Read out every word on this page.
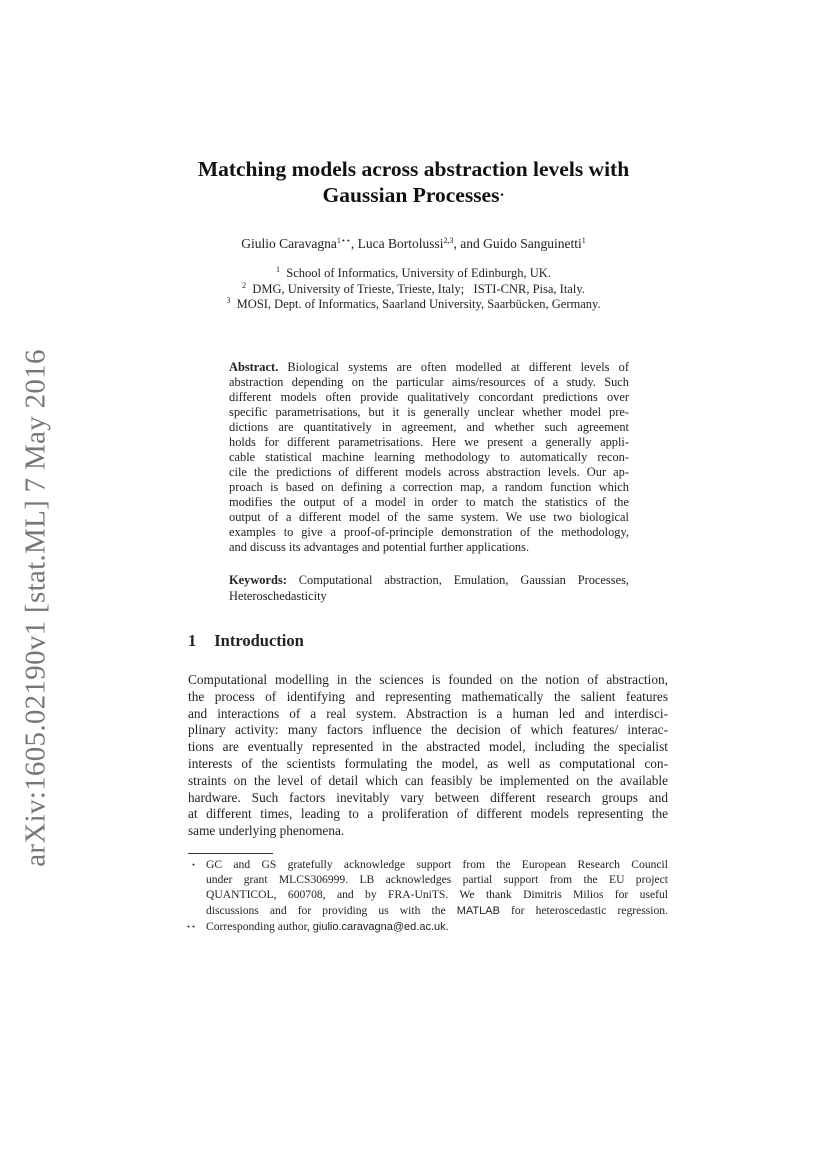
arXiv:1605.02190v1 [stat.ML] 7 May 2016
Matching models across abstraction levels with
Gaussian Processes⋆
Giulio Caravagna$^{1⋆⋆}$, Luca Bortolussi$^{2,3}$, and Guido Sanguinetti$^1$
$^1$ School of Informatics, University of Edinburgh, UK.
$^2$ DMG, University of Trieste, Trieste, Italy;   ISTI-CNR, Pisa, Italy.
$^3$ MOSI, Dept. of Informatics, Saarland University, Saarbücken, Germany.
Abstract. Biological systems are often modelled at different levels of
abstraction depending on the particular aims/resources of a study. Such
different models often provide qualitatively concordant predictions over
specific parametrisations, but it is generally unclear whether model pre-
dictions are quantitatively in agreement, and whether such agreement
holds for different parametrisations. Here we present a generally appli-
cable statistical machine learning methodology to automatically recon-
cile the predictions of different models across abstraction levels. Our ap-
proach is based on defining a correction map, a random function which
modifies the output of a model in order to match the statistics of the
output of a different model of the same system. We use two biological
examples to give a proof-of-principle demonstration of the methodology,
and discuss its advantages and potential further applications.
Keywords: Computational abstraction, Emulation, Gaussian Processes,
Heteroschedasticity
1 Introduction
Computational modelling in the sciences is founded on the notion of abstraction,
the process of identifying and representing mathematically the salient features
and interactions of a real system. Abstraction is a human led and interdisci-
plinary activity: many factors influence the decision of which features/ interac-
tions are eventually represented in the abstracted model, including the specialist
interests of the scientists formulating the model, as well as computational con-
straints on the level of detail which can feasibly be implemented on the available
hardware. Such factors inevitably vary between different research groups and
at different times, leading to a proliferation of different models representing the
same underlying phenomena.
⋆ GC and GS gratefully acknowledge support from the European Research Council
under grant MLCS306999. LB acknowledges partial support from the EU project
QUANTICOL, 600708, and by FRA-UniTS. We thank Dimitris Milios for useful
discussions and for providing us with the MATLAB for heteroscedastic regression.
⋆⋆ Corresponding author, giulio.caravagna@ed.ac.uk.
